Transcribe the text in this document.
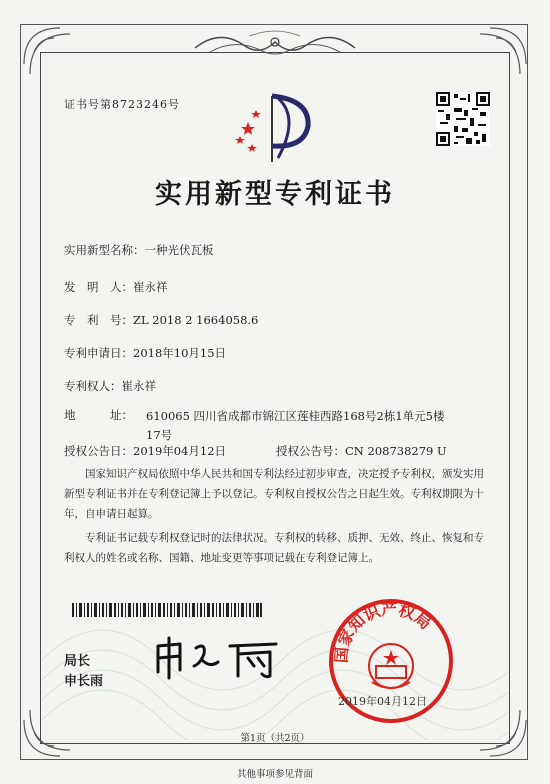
证书号第8723246号
实用新型专利证书
实用新型名称：一种光伏瓦板
发　明　人：崔永祥
专　利　号：ZL 2018 2 1664058.6
专利申请日：2018年10月15日
专利权人：崔永祥
地　　　址： 610065 四川省成都市锦江区莲桂西路168号2栋1单元5楼17号
授权公告日：2019年04月12日	授权公告号：CN 208738279 U
国家知识产权局依照中华人民共和国专利法经过初步审查，决定授予专利权，颁发实用新型专利证书并在专利登记簿上予以登记。专利权自授权公告之日起生效。专利权期限为十年，自申请日起算。
专利证书记载专利权登记时的法律状况。专利权的转移、质押、无效、终止、恢复和专利权人的姓名或名称、国籍、地址变更等事项记载在专利登记簿上。
局长
申长雨
国家知识产权局
2019年04月12日
第1页（共2页）
其他事项参见背面
